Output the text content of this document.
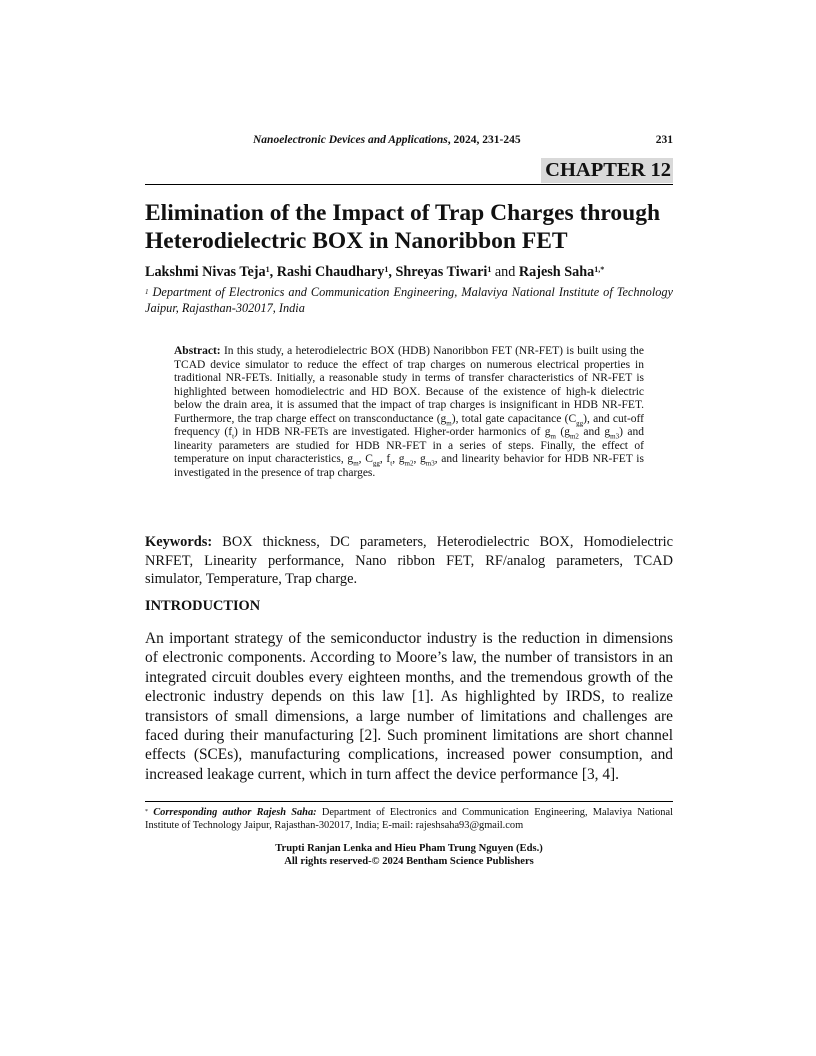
Nanoelectronic Devices and Applications, 2024, 231-245	231
CHAPTER 12
Elimination of the Impact of Trap Charges through
Heterodielectric BOX in Nanoribbon FET
Lakshmi Nivas Teja$^1$, Rashi Chaudhary$^1$, Shreyas Tiwari$^1$ and Rajesh Saha$^{1,*}$
$^1$ Department of Electronics and Communication Engineering, Malaviya National Institute of Technology Jaipur, Rajasthan-302017, India

Abstract: In this study, a heterodielectric BOX (HDB) Nanoribbon FET (NR-FET) is built using the TCAD device simulator to reduce the effect of trap charges on numerous electrical properties in traditional NR-FETs. Initially, a reasonable study in terms of transfer characteristics of NR-FET is highlighted between homodielectric and HD BOX. Because of the existence of high-k dielectric below the drain area, it is assumed that the impact of trap charges is insignificant in HDB NR-FET. Furthermore, the trap charge effect on transconductance $(g_m)$, total gate capacitance $(C_{gg})$, and cut-off frequency $(f_t)$ in HDB NR-FETs are investigated. Higher-order harmonics of $g_m$ ($g_{m2}$ and $g_{m3}$) and linearity parameters are studied for HDB NR-FET in a series of steps. Finally, the effect of temperature on input characteristics, $g_m$, $C_{gg}$, $f_t$, $g_{m2}$, $g_{m3}$, and linearity behavior for HDB NR-FET is investigated in the presence of trap charges.

Keywords: BOX thickness, DC parameters, Heterodielectric BOX, Homodielectric NRFET, Linearity performance, Nano ribbon FET, RF/analog parameters, TCAD simulator, Temperature, Trap charge.

INTRODUCTION

An important strategy of the semiconductor industry is the reduction in dimensions of electronic components. According to Moore’s law, the number of transistors in an integrated circuit doubles every eighteen months, and the tremendous growth of the electronic industry depends on this law [1]. As highlighted by IRDS, to realize transistors of small dimensions, a large number of limitations and challenges are faced during their manufacturing [2]. Such prominent limitations are short channel effects (SCEs), manufacturing complications, increased power consumption, and increased leakage current, which in turn affect the device performance [3, 4].

* Corresponding author Rajesh Saha: Department of Electronics and Communication Engineering, Malaviya National Institute of Technology Jaipur, Rajasthan-302017, India; E-mail: rajeshsaha93@gmail.com

Trupti Ranjan Lenka and Hieu Pham Trung Nguyen (Eds.)
All rights reserved-© 2024 Bentham Science Publishers
